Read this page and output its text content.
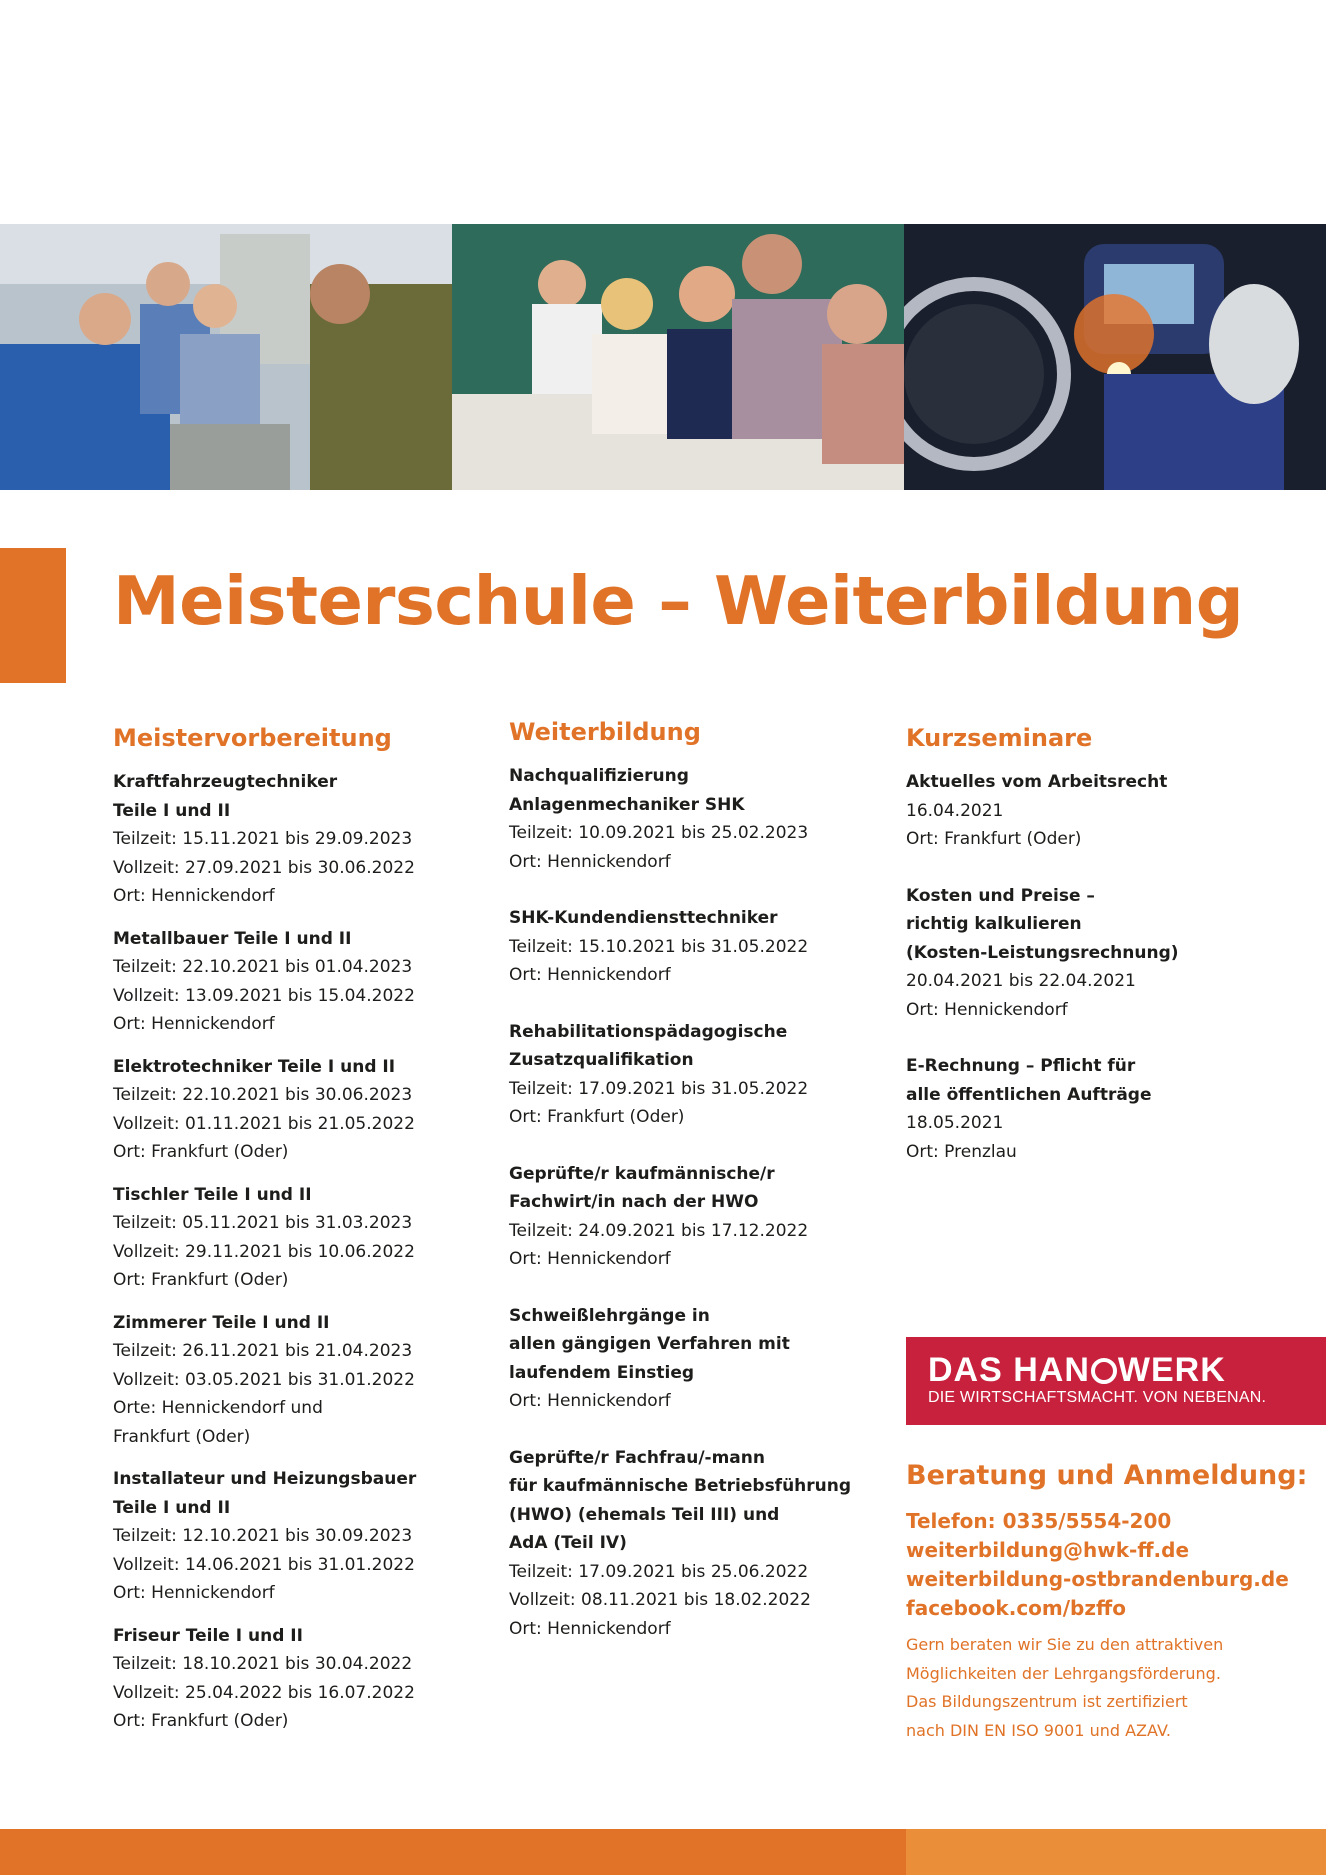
Meisterschule – Weiterbildung
Meistervorbereitung
Kraftfahrzeugtechniker
Teile I und II
Teilzeit: 15.11.2021 bis 29.09.2023
Vollzeit: 27.09.2021 bis 30.06.2022
Ort: Hennickendorf
Metallbauer Teile I und II
Teilzeit: 22.10.2021 bis 01.04.2023
Vollzeit: 13.09.2021 bis 15.04.2022
Ort: Hennickendorf
Elektrotechniker Teile I und II
Teilzeit: 22.10.2021 bis 30.06.2023
Vollzeit: 01.11.2021 bis 21.05.2022
Ort: Frankfurt (Oder)
Tischler Teile I und II
Teilzeit: 05.11.2021 bis 31.03.2023
Vollzeit: 29.11.2021 bis 10.06.2022
Ort: Frankfurt (Oder)
Zimmerer Teile I und II
Teilzeit: 26.11.2021 bis 21.04.2023
Vollzeit: 03.05.2021 bis 31.01.2022
Orte: Hennickendorf und
Frankfurt (Oder)
Installateur und Heizungsbauer
Teile I und II
Teilzeit: 12.10.2021 bis 30.09.2023
Vollzeit: 14.06.2021 bis 31.01.2022
Ort: Hennickendorf
Friseur Teile I und II
Teilzeit: 18.10.2021 bis 30.04.2022
Vollzeit: 25.04.2022 bis 16.07.2022
Ort: Frankfurt (Oder)
Weiterbildung
Nachqualifizierung
Anlagenmechaniker SHK
Teilzeit: 10.09.2021 bis 25.02.2023
Ort: Hennickendorf
SHK-Kundendiensttechniker
Teilzeit: 15.10.2021 bis 31.05.2022
Ort: Hennickendorf
Rehabilitationspädagogische
Zusatzqualifikation
Teilzeit: 17.09.2021 bis 31.05.2022
Ort: Frankfurt (Oder)
Geprüfte/r kaufmännische/r
Fachwirt/in nach der HWO
Teilzeit: 24.09.2021 bis 17.12.2022
Ort: Hennickendorf
Schweißlehrgänge in
allen gängigen Verfahren mit
laufendem Einstieg
Ort: Hennickendorf
Geprüfte/r Fachfrau/-mann
für kaufmännische Betriebsführung
(HWO) (ehemals Teil III) und
AdA (Teil IV)
Teilzeit: 17.09.2021 bis 25.06.2022
Vollzeit: 08.11.2021 bis 18.02.2022
Ort: Hennickendorf
Kurzseminare
Aktuelles vom Arbeitsrecht
16.04.2021
Ort: Frankfurt (Oder)
Kosten und Preise –
richtig kalkulieren
(Kosten-Leistungsrechnung)
20.04.2021 bis 22.04.2021
Ort: Hennickendorf
E-Rechnung – Pflicht für
alle öffentlichen Aufträge
18.05.2021
Ort: Prenzlau
DAS HAN WERK
DIE WIRTSCHAFTSMACHT. VON NEBENAN.
Beratung und Anmeldung:
Telefon: 0335/5554-200
weiterbildung@hwk-ff.de
weiterbildung-ostbrandenburg.de
facebook.com/bzffo
Gern beraten wir Sie zu den attraktiven
Möglichkeiten der Lehrgangsförderung.
Das Bildungszentrum ist zertifiziert
nach DIN EN ISO 9001 und AZAV.
